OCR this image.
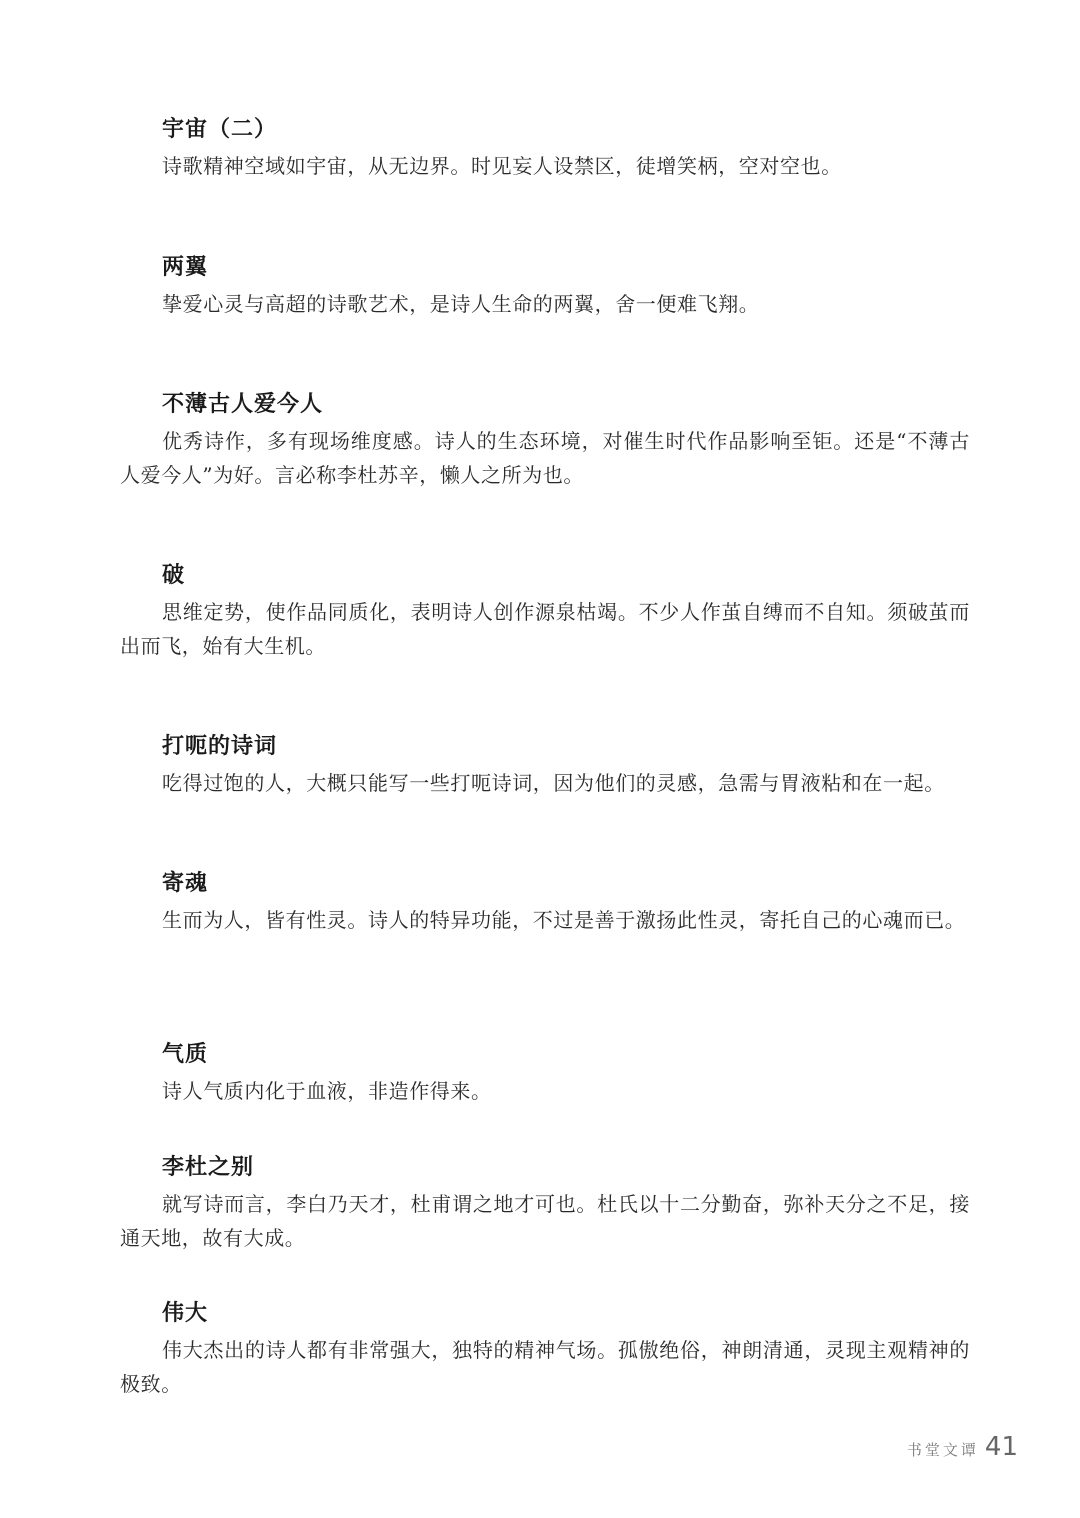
宇宙（二）

诗歌精神空域如宇宙，从无边界。时见妄人设禁区，徒增笑柄，空对空也。

两翼

挚爱心灵与高超的诗歌艺术，是诗人生命的两翼，舍一便难飞翔。

不薄古人爱今人

优秀诗作，多有现场维度感。诗人的生态环境，对催生时代作品影响至钜。还是“不薄古人爱今人”为好。言必称李杜苏辛，懒人之所为也。

破

思维定势，使作品同质化，表明诗人创作源泉枯竭。不少人作茧自缚而不自知。须破茧而出而飞，始有大生机。

打呃的诗词

吃得过饱的人，大概只能写一些打呃诗词，因为他们的灵感，急需与胃液粘和在一起。

寄魂

生而为人，皆有性灵。诗人的特异功能，不过是善于激扬此性灵，寄托自己的心魂而已。

气质

诗人气质内化于血液，非造作得来。

李杜之别

就写诗而言，李白乃天才，杜甫谓之地才可也。杜氏以十二分勤奋，弥补天分之不足，接通天地，故有大成。

伟大

伟大杰出的诗人都有非常强大，独特的精神气场。孤傲绝俗，神朗清通，灵现主观精神的极致。

书堂文谭 41
